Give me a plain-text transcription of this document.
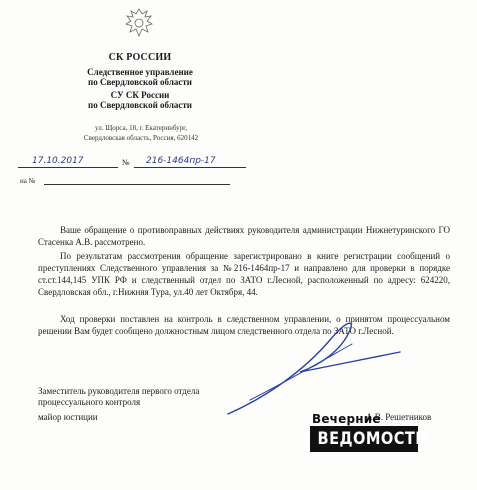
СК РОССИИ
Следственное управление
по Свердловской области
СУ СК России
по Свердловской области
ул. Щорса, 18, г. Екатеринбург,
Свердловская область, Россия, 620142
17.10.2017	№ 216-1464пр-17
на №
Ваше обращение о противоправных действиях руководителя администрации Нижнетуринского ГО Стасенка А.В. рассмотрено.
По результатам рассмотрения обращение зарегистрировано в книге регистрации сообщений о преступлениях Следственного управления за №216-1464пр-17 и направлено для проверки в порядке ст.ст.144,145 УПК РФ и следственный отдел по ЗАТО г.Лесной, расположенный по адресу: 624220, Свердловская обл., г.Нижняя Тура, ул.40 лет Октября, 44.
Ход проверки поставлен на контроль в следственном управлении, о принятом процессуальном решении Вам будет сообщено должностным лицом следственного отдела по ЗАТО г.Лесной.
Заместитель руководителя первого отдела
процессуального контроля
майор юстиции	А.В. Решетников
Вечерние
ВЕДОМОСТИ
